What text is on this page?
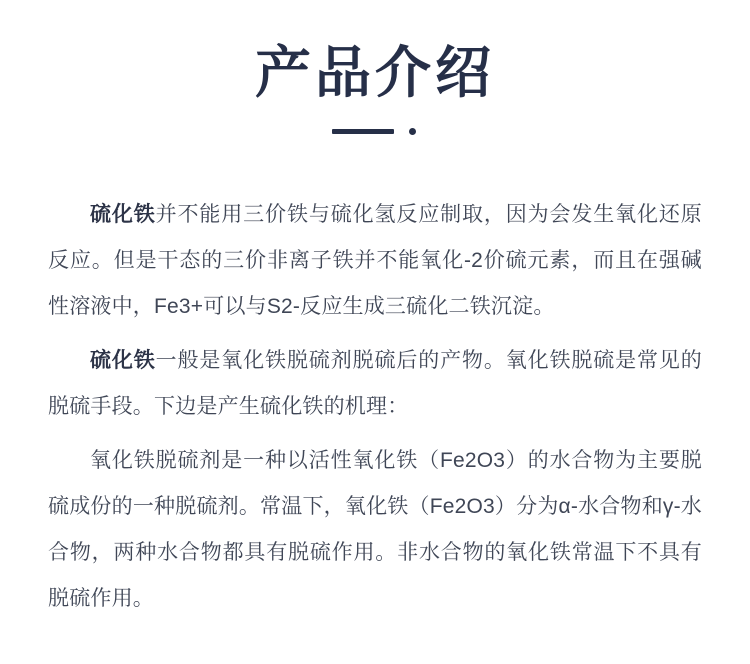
产品介绍

硫化铁并不能用三价铁与硫化氢反应制取，因为会发生氧化还原反应。但是干态的三价非离子铁并不能氧化-2价硫元素，而且在强碱性溶液中，Fe3+可以与S2-反应生成三硫化二铁沉淀。

硫化铁一般是氧化铁脱硫剂脱硫后的产物。氧化铁脱硫是常见的脱硫手段。下边是产生硫化铁的机理：

氧化铁脱硫剂是一种以活性氧化铁（Fe2O3）的水合物为主要脱硫成份的一种脱硫剂。常温下，氧化铁（Fe2O3）分为α-水合物和γ-水合物，两种水合物都具有脱硫作用。非水合物的氧化铁常温下不具有脱硫作用。
